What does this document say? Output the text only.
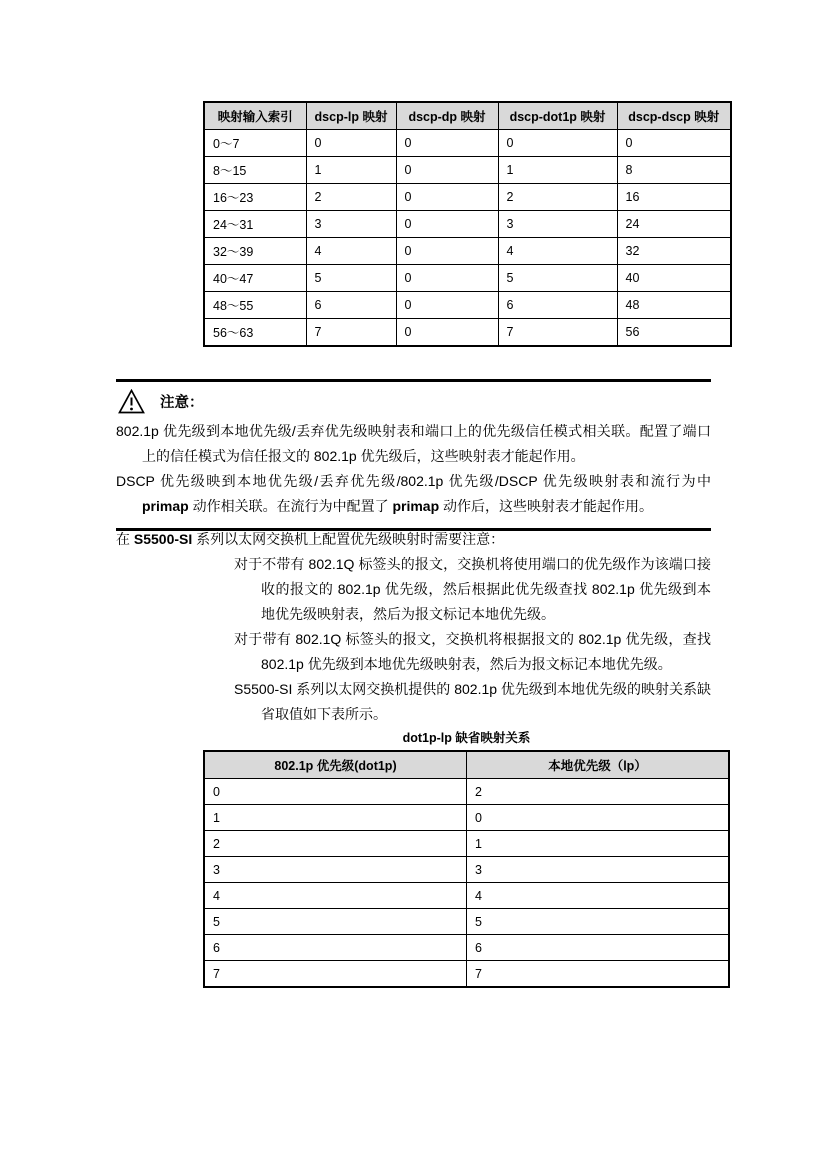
映射输入索引	dscp-lp 映射	dscp-dp 映射	dscp-dot1p 映射	dscp-dscp 映射
0～7	0	0	0	0
8～15	1	0	1	8
16～23	2	0	2	16
24～31	3	0	3	24
32～39	4	0	4	32
40～47	5	0	5	40
48～55	6	0	6	48
56～63	7	0	7	56
注意：

802.1p 优先级到本地优先级/丢弃优先级映射表和端口上的优先级信任模式相关联。配置了端口上的信任模式为信任报文的 802.1p 优先级后，这些映射表才能起作用。

DSCP 优先级映到本地优先级/丢弃优先级/802.1p 优先级/DSCP 优先级映射表和流行为中 primap 动作相关联。在流行为中配置了 primap 动作后，这些映射表才能起作用。

在 S5500-SI 系列以太网交换机上配置优先级映射时需要注意：

对于不带有 802.1Q 标签头的报文，交换机将使用端口的优先级作为该端口接收的报文的 802.1p 优先级，然后根据此优先级查找 802.1p 优先级到本地优先级映射表，然后为报文标记本地优先级。

对于带有 802.1Q 标签头的报文，交换机将根据报文的 802.1p 优先级，查找 802.1p 优先级到本地优先级映射表，然后为报文标记本地优先级。

S5500-SI 系列以太网交换机提供的 802.1p 优先级到本地优先级的映射关系缺省取值如下表所示。

dot1p-lp 缺省映射关系
802.1p 优先级(dot1p)	本地优先级（lp）
0	2
1	0
2	1
3	3
4	4
5	5
6	6
7	7
